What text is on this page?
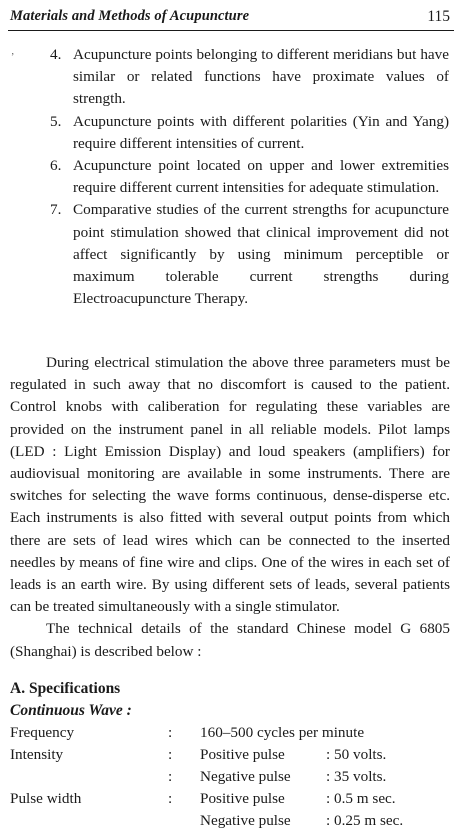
Materials and Methods of Acupuncture	115
’ 4. Acupuncture points belonging to different meridians but have similar or related functions have proximate values of strength.
5. Acupuncture points with different polarities (Yin and Yang) require different intensities of current.
6. Acupuncture point located on upper and lower extremities require different current intensities for adequate stimulation.
7. Comparative studies of the current strengths for acupuncture point stimulation showed that clinical improvement did not affect significantly by using minimum perceptible or maximum tolerable current strengths during Electroacupuncture Therapy.

During electrical stimulation the above three parameters must be regulated in such away that no discomfort is caused to the patient. Control knobs with caliberation for regulating these variables are provided on the instrument panel in all reliable models. Pilot lamps (LED : Light Emission Display) and loud speakers (amplifiers) for audiovisual monitoring are available in some instruments. There are switches for selecting the wave forms continuous, dense-disperse etc. Each instruments is also fitted with several output points from which there are sets of lead wires which can be connected to the inserted needles by means of fine wire and clips. One of the wires in each set of leads is an earth wire. By using different sets of leads, several patients can be treated simultaneously with a single stimulator.

The technical details of the standard Chinese model G 6805 (Shanghai) is described below :

A. Specifications
Continuous Wave :
Frequency	: 160–500 cycles per minute
Intensity	: Positive pulse	: 50 volts.
: Negative pulse : 35 volts.
Pulse width	: Positive pulse	: 0.5 m sec.
Negative pulse : 0.25 m sec.
